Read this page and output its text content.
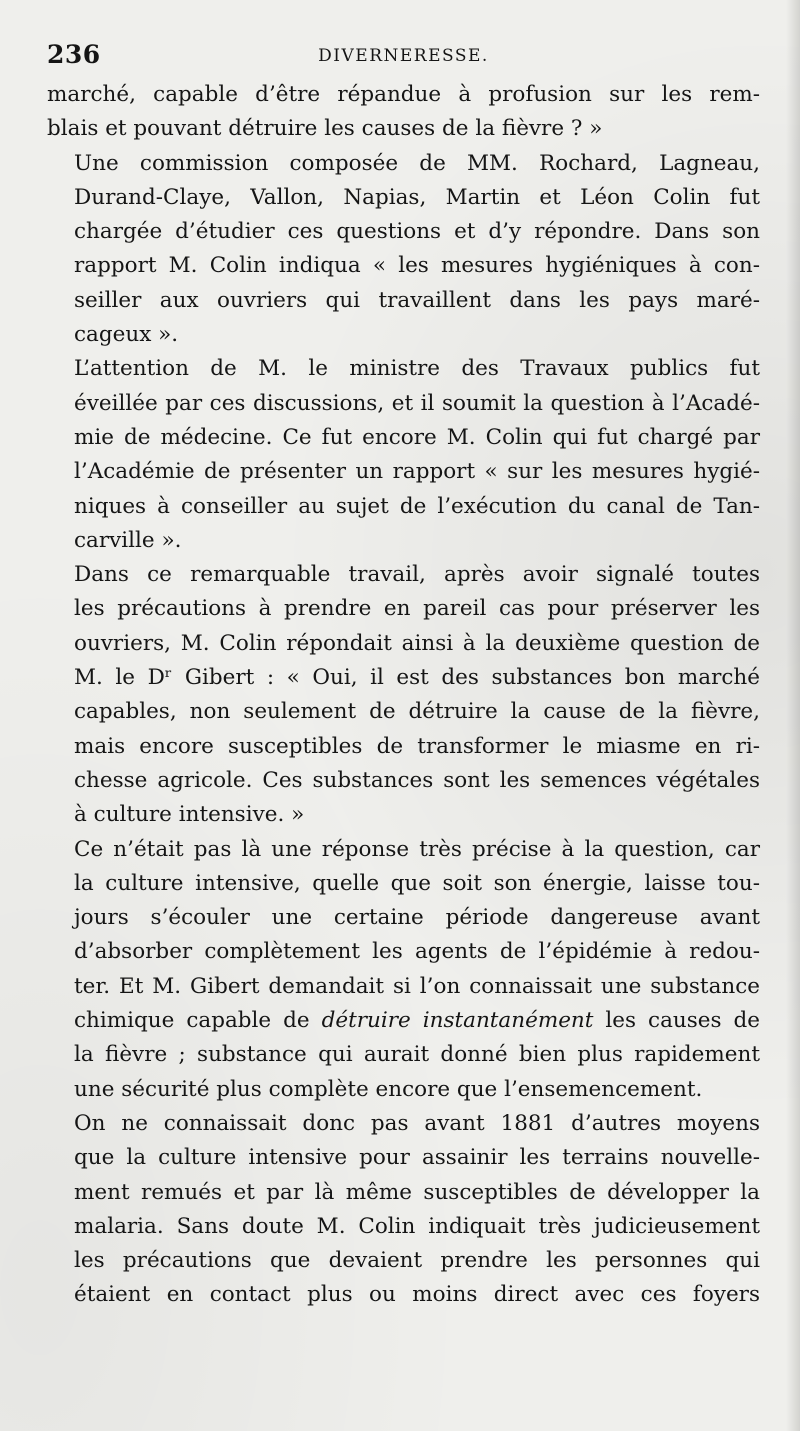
236	DIVERNERESSE.

marché, capable d’être répandue à profusion sur les rem-
blais et pouvant détruire les causes de la fièvre ? »

Une commission composée de MM. Rochard, Lagneau,
Durand-Claye, Vallon, Napias, Martin et Léon Colin fut
chargée d’étudier ces questions et d’y répondre. Dans son
rapport M. Colin indiqua « les mesures hygiéniques à con-
seiller aux ouvriers qui travaillent dans les pays maré-
cageux ».

L’attention de M. le ministre des Travaux publics fut
éveillée par ces discussions, et il soumit la question à l’Acadé-
mie de médecine. Ce fut encore M. Colin qui fut chargé par
l’Académie de présenter un rapport « sur les mesures hygié-
niques à conseiller au sujet de l’exécution du canal de Tan-
carville ».

Dans ce remarquable travail, après avoir signalé toutes
les précautions à prendre en pareil cas pour préserver les
ouvriers, M. Colin répondait ainsi à la deuxième question de
M. le Dʳ Gibert : « Oui, il est des substances bon marché
capables, non seulement de détruire la cause de la fièvre,
mais encore susceptibles de transformer le miasme en ri-
chesse agricole. Ces substances sont les semences végétales
à culture intensive. »

Ce n’était pas là une réponse très précise à la question, car
la culture intensive, quelle que soit son énergie, laisse tou-
jours s’écouler une certaine période dangereuse avant
d’absorber complètement les agents de l’épidémie à redou-
ter. Et M. Gibert demandait si l’on connaissait une substance
chimique capable de détruire instantanément les causes de
la fièvre ; substance qui aurait donné bien plus rapidement
une sécurité plus complète encore que l’ensemencement.

On ne connaissait donc pas avant 1881 d’autres moyens
que la culture intensive pour assainir les terrains nouvelle-
ment remués et par là même susceptibles de développer la
malaria. Sans doute M. Colin indiquait très judicieusement
les précautions que devaient prendre les personnes qui
étaient en contact plus ou moins direct avec ces foyers
